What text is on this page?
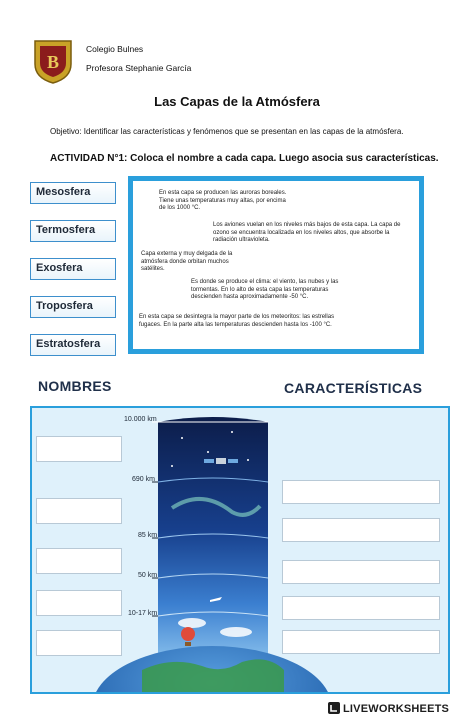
B
Colegio Bulnes
Profesora Stephanie García
Las Capas de la Atmósfera
Objetivo: Identificar las características y fenómenos que se presentan en las capas de la atmósfera.
ACTIVIDAD N°1: Coloca el nombre a cada capa. Luego asocia sus características.
Mesosfera
Termosfera
Exosfera
Troposfera
Estratosfera
En esta capa se producen las auroras boreales. Tiene unas temperaturas muy altas, por encima de los 1000 °C.
Los aviones vuelan en los niveles más bajos de esta capa. La capa de ozono se encuentra localizada en los niveles altos, que absorbe la radiación ultravioleta.
Capa externa y muy delgada de la atmósfera donde orbitan muchos satélites.
Es donde se produce el clima: el viento, las nubes y las tormentas. En lo alto de esta capa las temperaturas descienden hasta aproximadamente -50 °C.
En esta capa se desintegra la mayor parte de los meteoritos: las estrellas fugaces. En la parte alta las temperaturas descienden hasta los -100 °C.
NOMBRES	CARACTERÍSTICAS
10.000 km
690 km
85 km
50 km
10-17 km
LIVEWORKSHEETS
